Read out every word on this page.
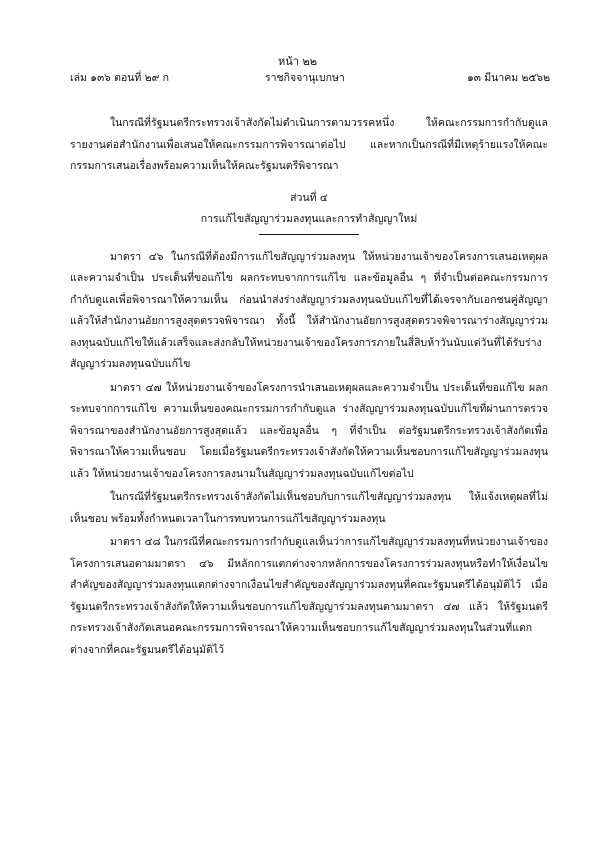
หน้า ๒๒
เล่ม ๑๓๖ ตอนที่ ๒๙ ก	ราชกิจจานุเบกษา	๑๓ มีนาคม ๒๕๖๒

ในกรณีที่รัฐมนตรีกระทรวงเจ้าสังกัดไม่ดำเนินการตามวรรคหนึ่ง ให้คณะกรรมการกำกับดูแลรายงานต่อสำนักงานเพื่อเสนอให้คณะกรรมการพิจารณาต่อไป และหากเป็นกรณีที่มีเหตุร้ายแรงให้คณะกรรมการเสนอเรื่องพร้อมความเห็นให้คณะรัฐมนตรีพิจารณา

ส่วนที่ ๔
การแก้ไขสัญญาร่วมลงทุนและการทำสัญญาใหม่

มาตรา ๔๖ ในกรณีที่ต้องมีการแก้ไขสัญญาร่วมลงทุน ให้หน่วยงานเจ้าของโครงการเสนอเหตุผลและความจำเป็น ประเด็นที่ขอแก้ไข ผลกระทบจากการแก้ไข และข้อมูลอื่น ๆ ที่จำเป็นต่อคณะกรรมการกำกับดูแลเพื่อพิจารณาให้ความเห็น ก่อนนำส่งร่างสัญญาร่วมลงทุนฉบับแก้ไขที่ได้เจรจากับเอกชนคู่สัญญาแล้วให้สำนักงานอัยการสูงสุดตรวจพิจารณา ทั้งนี้ ให้สำนักงานอัยการสูงสุดตรวจพิจารณาร่างสัญญาร่วมลงทุนฉบับแก้ไขให้แล้วเสร็จและส่งกลับให้หน่วยงานเจ้าของโครงการภายในสี่สิบห้าวันนับแต่วันที่ได้รับร่างสัญญาร่วมลงทุนฉบับแก้ไข

มาตรา ๔๗ ให้หน่วยงานเจ้าของโครงการนำเสนอเหตุผลและความจำเป็น ประเด็นที่ขอแก้ไข ผลกระทบจากการแก้ไข ความเห็นของคณะกรรมการกำกับดูแล ร่างสัญญาร่วมลงทุนฉบับแก้ไขที่ผ่านการตรวจพิจารณาของสำนักงานอัยการสูงสุดแล้ว และข้อมูลอื่น ๆ ที่จำเป็น ต่อรัฐมนตรีกระทรวงเจ้าสังกัดเพื่อพิจารณาให้ความเห็นชอบ โดยเมื่อรัฐมนตรีกระทรวงเจ้าสังกัดให้ความเห็นชอบการแก้ไขสัญญาร่วมลงทุนแล้ว ให้หน่วยงานเจ้าของโครงการลงนามในสัญญาร่วมลงทุนฉบับแก้ไขต่อไป

ในกรณีที่รัฐมนตรีกระทรวงเจ้าสังกัดไม่เห็นชอบกับการแก้ไขสัญญาร่วมลงทุน ให้แจ้งเหตุผลที่ไม่เห็นชอบ พร้อมทั้งกำหนดเวลาในการทบทวนการแก้ไขสัญญาร่วมลงทุน

มาตรา ๔๘ ในกรณีที่คณะกรรมการกำกับดูแลเห็นว่าการแก้ไขสัญญาร่วมลงทุนที่หน่วยงานเจ้าของโครงการเสนอตามมาตรา ๔๖ มีหลักการแตกต่างจากหลักการของโครงการร่วมลงทุนหรือทำให้เงื่อนไขสำคัญของสัญญาร่วมลงทุนแตกต่างจากเงื่อนไขสำคัญของสัญญาร่วมลงทุนที่คณะรัฐมนตรีได้อนุมัติไว้ เมื่อรัฐมนตรีกระทรวงเจ้าสังกัดให้ความเห็นชอบการแก้ไขสัญญาร่วมลงทุนตามมาตรา ๔๗ แล้ว ให้รัฐมนตรีกระทรวงเจ้าสังกัดเสนอคณะกรรมการพิจารณาให้ความเห็นชอบการแก้ไขสัญญาร่วมลงทุนในส่วนที่แตกต่างจากที่คณะรัฐมนตรีได้อนุมัติไว้
